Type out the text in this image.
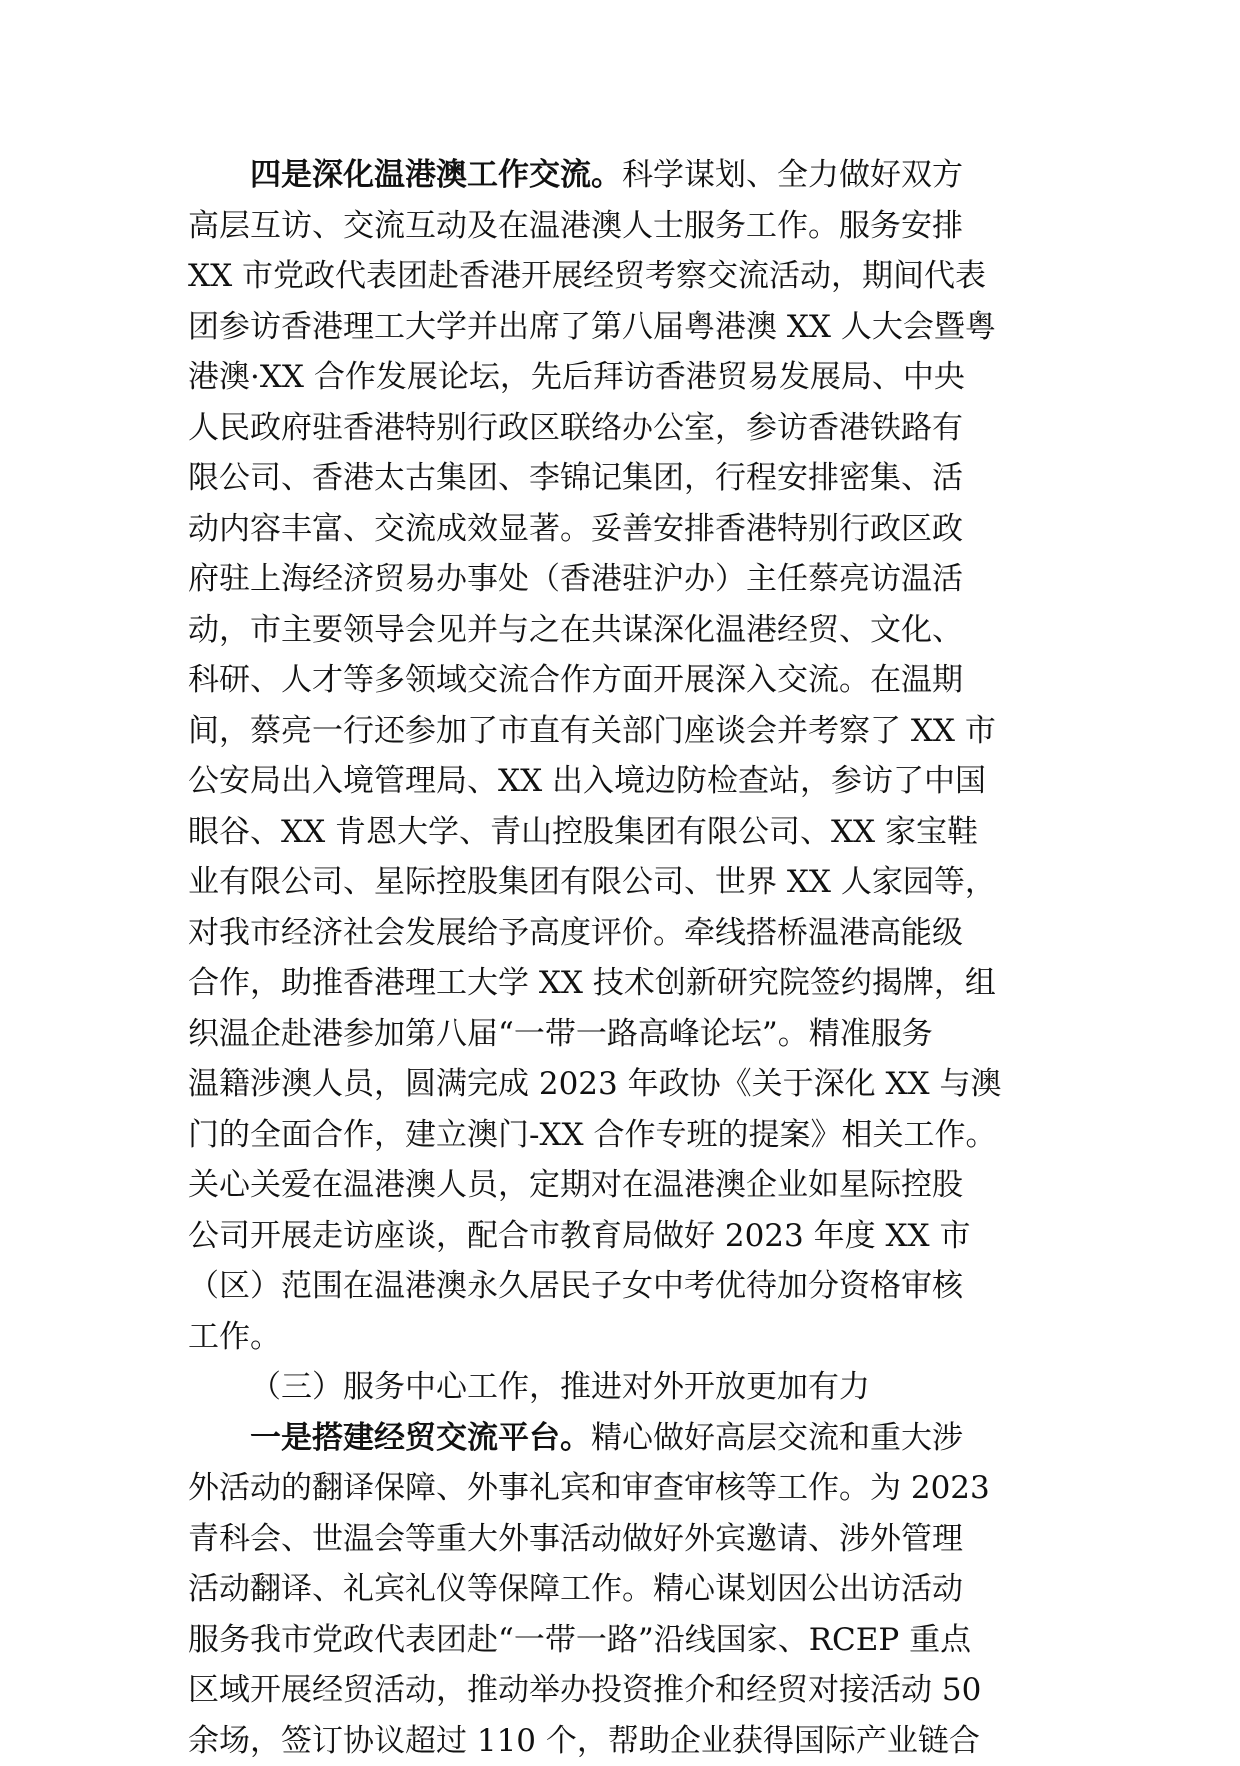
四是深化温港澳工作交流。科学谋划、全力做好双方
高层互访、交流互动及在温港澳人士服务工作。服务安排
XX 市党政代表团赴香港开展经贸考察交流活动，期间代表
团参访香港理工大学并出席了第八届粤港澳 XX 人大会暨粤
港澳·XX 合作发展论坛，先后拜访香港贸易发展局、中央
人民政府驻香港特别行政区联络办公室，参访香港铁路有
限公司、香港太古集团、李锦记集团，行程安排密集、活
动内容丰富、交流成效显著。妥善安排香港特别行政区政
府驻上海经济贸易办事处（香港驻沪办）主任蔡亮访温活
动，市主要领导会见并与之在共谋深化温港经贸、文化、
科研、人才等多领域交流合作方面开展深入交流。在温期
间，蔡亮一行还参加了市直有关部门座谈会并考察了 XX 市
公安局出入境管理局、XX 出入境边防检查站，参访了中国
眼谷、XX 肯恩大学、青山控股集团有限公司、XX 家宝鞋
业有限公司、星际控股集团有限公司、世界 XX 人家园等，
对我市经济社会发展给予高度评价。牵线搭桥温港高能级
合作，助推香港理工大学 XX 技术创新研究院签约揭牌，组
织温企赴港参加第八届“一带一路高峰论坛”。精准服务
温籍涉澳人员，圆满完成 2023 年政协《关于深化 XX 与澳
门的全面合作，建立澳门-XX 合作专班的提案》相关工作。
关心关爱在温港澳人员，定期对在温港澳企业如星际控股
公司开展走访座谈，配合市教育局做好 2023 年度 XX 市
（区）范围在温港澳永久居民子女中考优待加分资格审核
工作。
（三）服务中心工作，推进对外开放更加有力
一是搭建经贸交流平台。精心做好高层交流和重大涉
外活动的翻译保障、外事礼宾和审查审核等工作。为 2023
青科会、世温会等重大外事活动做好外宾邀请、涉外管理
活动翻译、礼宾礼仪等保障工作。精心谋划因公出访活动
服务我市党政代表团赴“一带一路”沿线国家、RCEP 重点
区域开展经贸活动，推动举办投资推介和经贸对接活动 50
余场，签订协议超过 110 个，帮助企业获得国际产业链合
